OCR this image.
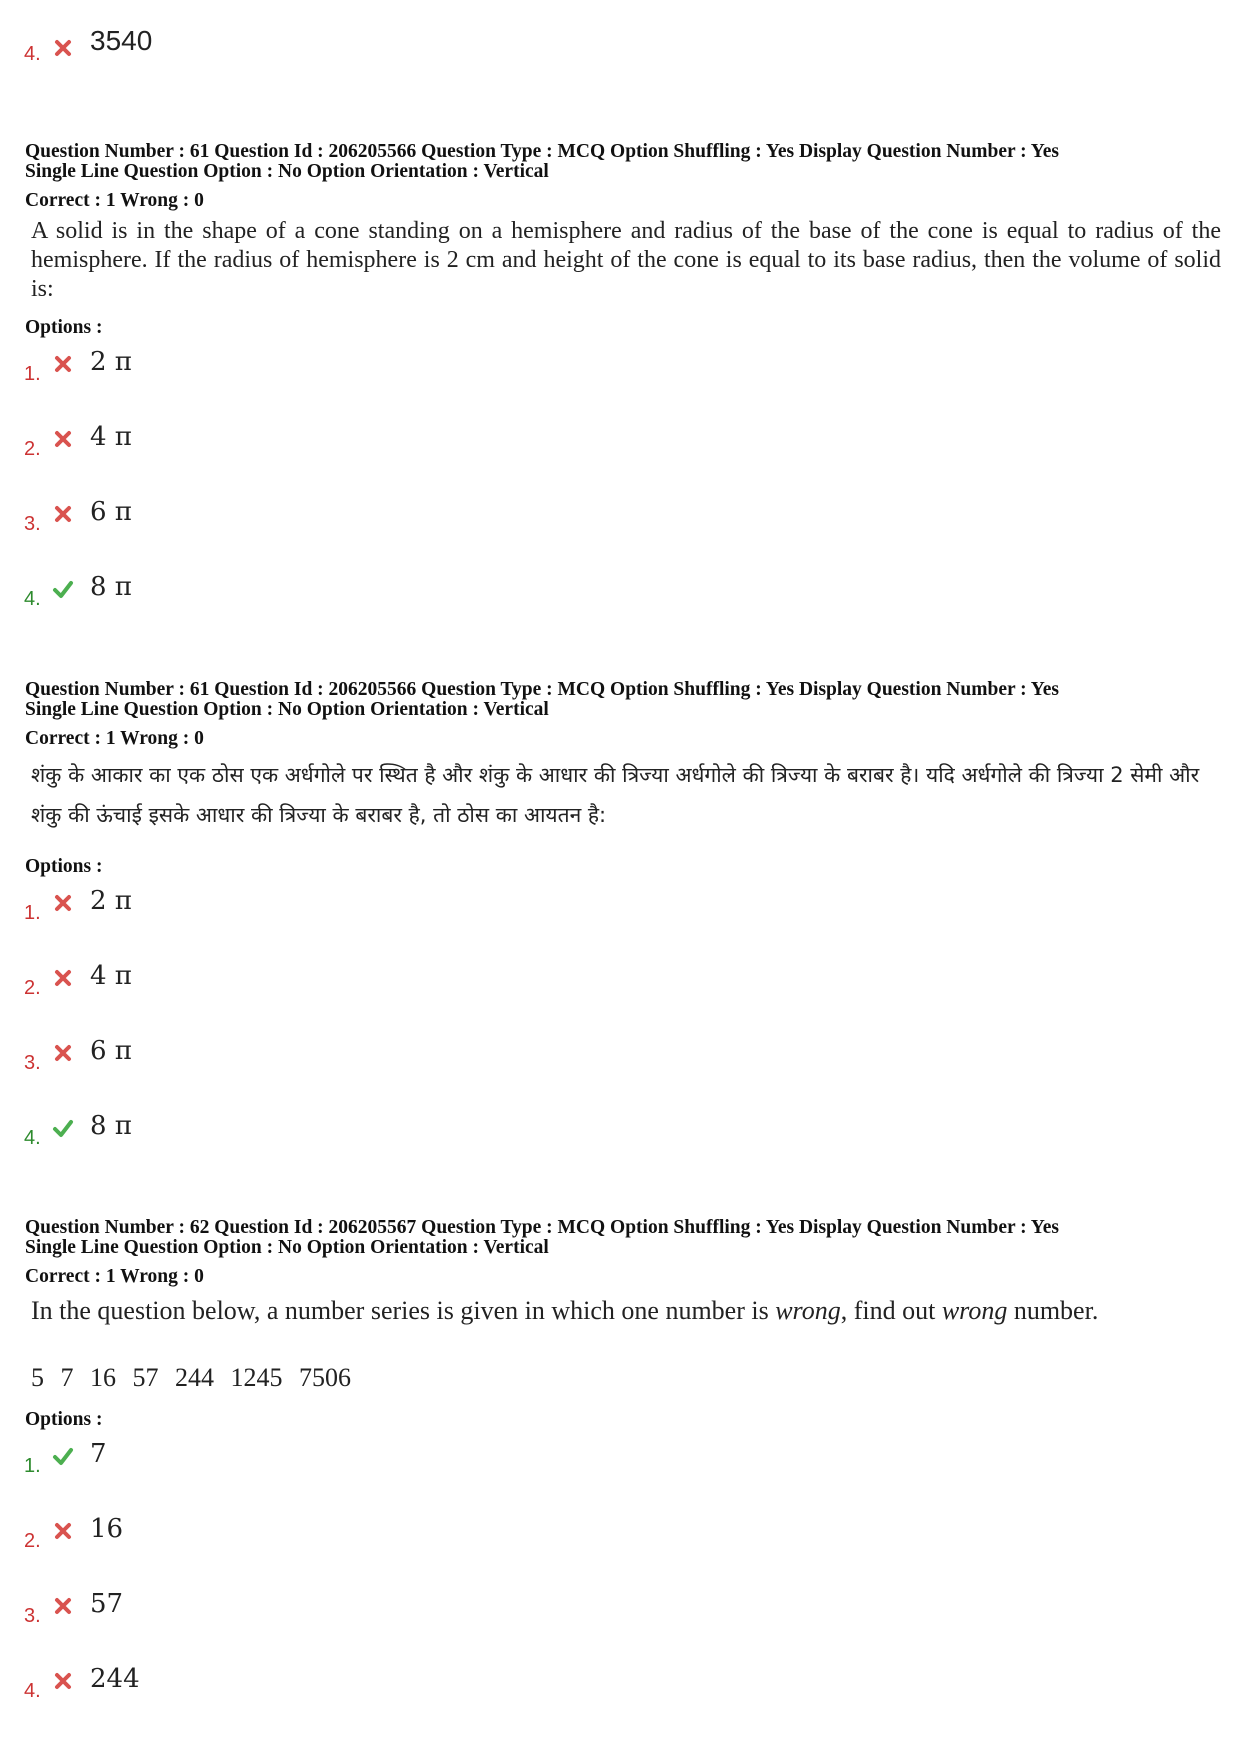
4. 3540
Question Number : 61 Question Id : 206205566 Question Type : MCQ Option Shuffling : Yes Display Question Number : Yes
Single Line Question Option : No Option Orientation : Vertical
Correct : 1 Wrong : 0
A solid is in the shape of a cone standing on a hemisphere and radius of the base of the cone is equal to radius of the hemisphere. If the radius of hemisphere is 2 cm and height of the cone is equal to its base radius, then the volume of solid is:
Options :
1. 2 π
2. 4 π
3. 6 π
4. 8 π
Question Number : 61 Question Id : 206205566 Question Type : MCQ Option Shuffling : Yes Display Question Number : Yes
Single Line Question Option : No Option Orientation : Vertical
Correct : 1 Wrong : 0
शंकु के आकार का एक ठोस एक अर्धगोले पर स्थित है और शंकु के आधार की त्रिज्या अर्धगोले की त्रिज्या के बराबर है। यदि अर्धगोले की त्रिज्या 2 सेमी और शंकु की ऊंचाई इसके आधार की त्रिज्या के बराबर है, तो ठोस का आयतन है:
Options :
1. 2 π
2. 4 π
3. 6 π
4. 8 π
Question Number : 62 Question Id : 206205567 Question Type : MCQ Option Shuffling : Yes Display Question Number : Yes
Single Line Question Option : No Option Orientation : Vertical
Correct : 1 Wrong : 0
In the question below, a number series is given in which one number is wrong, find out wrong number.
5 7 16 57 244 1245 7506
Options :
1. 7
2. 16
3. 57
4. 244
